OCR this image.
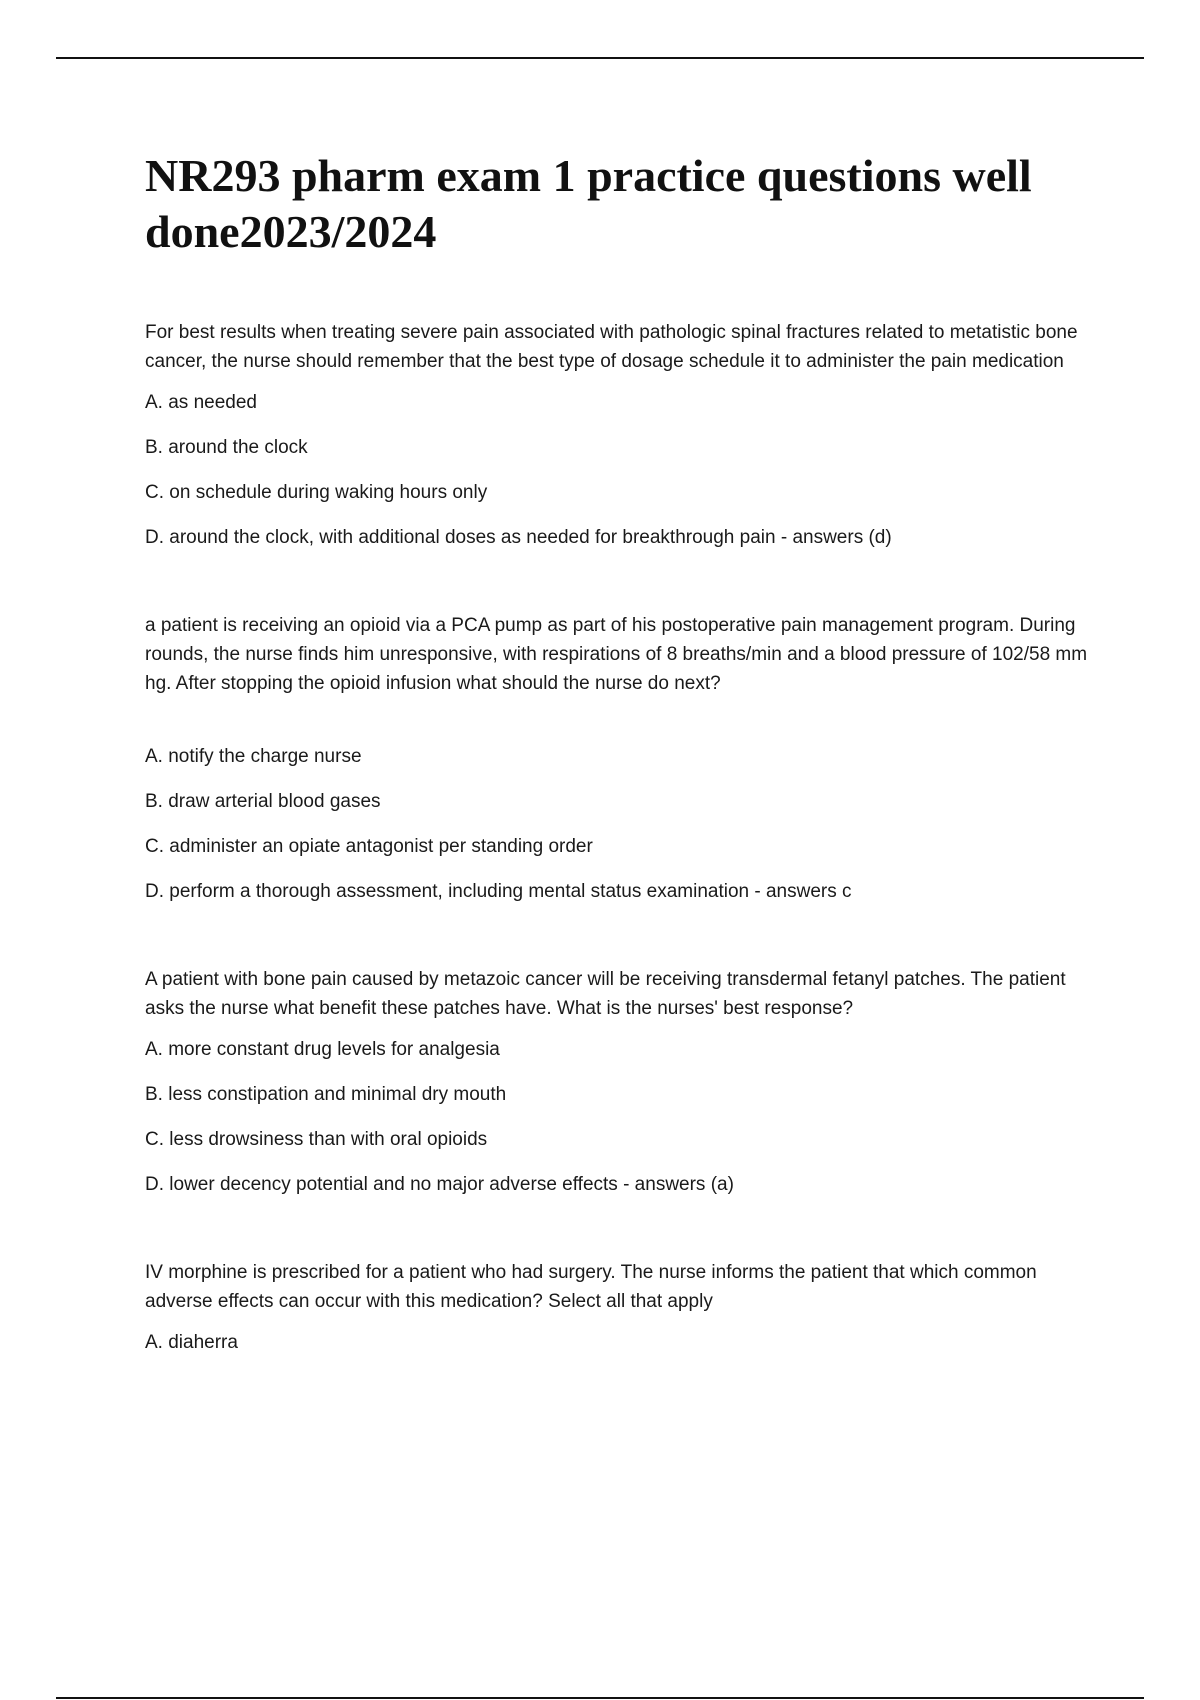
NR293 pharm exam 1 practice questions well done2023/2024

For best results when treating severe pain associated with pathologic spinal fractures related to metatistic bone cancer, the nurse should remember that the best type of dosage schedule it to administer the pain medication

A. as needed

B. around the clock

C. on schedule during waking hours only

D. around the clock, with additional doses as needed for breakthrough pain - answers (d)

a patient is receiving an opioid via a PCA pump as part of his postoperative pain management program. During rounds, the nurse finds him unresponsive, with respirations of 8 breaths/min and a blood pressure of 102/58 mm hg. After stopping the opioid infusion what should the nurse do next?

A. notify the charge nurse

B. draw arterial blood gases

C. administer an opiate antagonist per standing order

D. perform a thorough assessment, including mental status examination - answers c

A patient with bone pain caused by metazoic cancer will be receiving transdermal fetanyl patches. The patient asks the nurse what benefit these patches have. What is the nurses' best response?

A. more constant drug levels for analgesia

B. less constipation and minimal dry mouth

C. less drowsiness than with oral opioids

D. lower decency potential and no major adverse effects - answers (a)

IV morphine is prescribed for a patient who had surgery. The nurse informs the patient that which common adverse effects can occur with this medication? Select all that apply

A. diaherra
